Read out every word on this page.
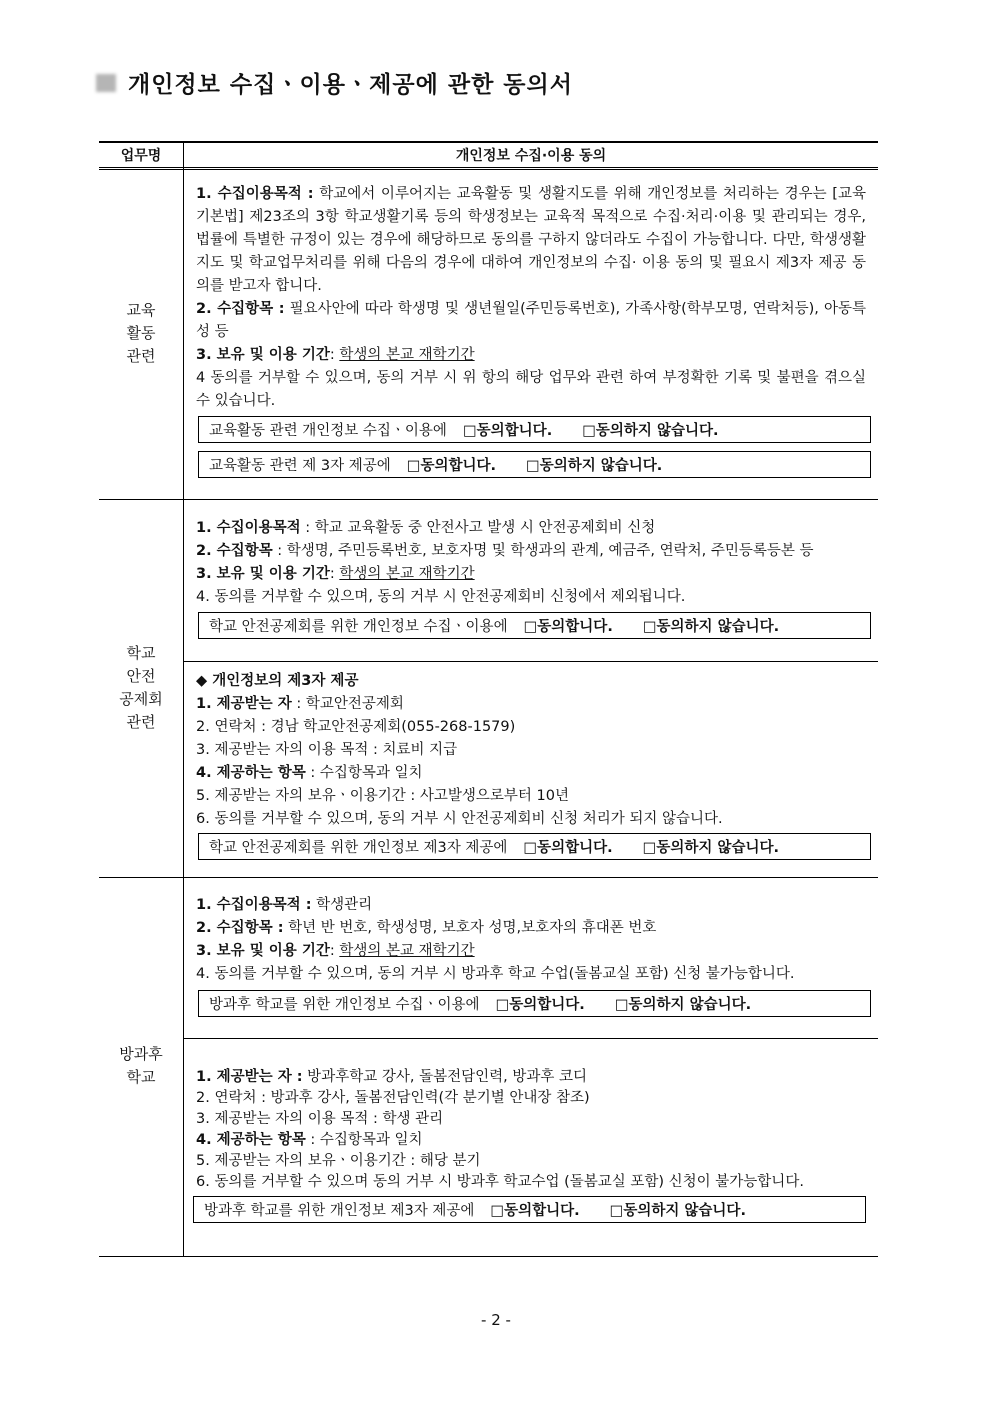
개인정보 수집ㆍ이용ㆍ제공에 관한 동의서
업무명	개인정보 수집·이용 동의
교육
활동
관련

1. 수집이용목적 : 학교에서 이루어지는 교육활동 및 생활지도를 위해 개인정보를 처리하는 경우는 [교육기본법] 제23조의 3항 학교생활기록 등의 학생정보는 교육적 목적으로 수집·처리·이용 및 관리되는 경우, 법률에 특별한 규정이 있는 경우에 해당하므로 동의를 구하지 않더라도 수집이 가능합니다. 다만, 학생생활지도 및 학교업무처리를 위해 다음의 경우에 대하여 개인정보의 수집· 이용 동의 및 필요시 제3자 제공 동의를 받고자 합니다.

2. 수집항목 : 필요사안에 따라 학생명 및 생년월일(주민등록번호), 가족사항(학부모명, 연락처등), 아동특성 등

3. 보유 및 이용 기간: 학생의 본교 재학기간

4 동의를 거부할 수 있으며, 동의 거부 시 위 항의 해당 업무와 관련 하여 부정확한 기록 및 불편을 겪으실 수 있습니다.

교육활동 관련 개인정보 수집ㆍ이용에 □동의합니다. □동의하지 않습니다.
교육활동 관련 제 3자 제공에 □동의합니다. □동의하지 않습니다.
학교
안전
공제회
관련

1. 수집이용목적 : 학교 교육활동 중 안전사고 발생 시 안전공제회비 신청

2. 수집항목 : 학생명, 주민등록번호, 보호자명 및 학생과의 관계, 예금주, 연락처, 주민등록등본 등

3. 보유 및 이용 기간: 학생의 본교 재학기간

4. 동의를 거부할 수 있으며, 동의 거부 시 안전공제회비 신청에서 제외됩니다.

학교 안전공제회를 위한 개인정보 수집ㆍ이용에 □동의합니다. □동의하지 않습니다.

◆ 개인정보의 제3자 제공

1. 제공받는 자 : 학교안전공제회

2. 연락처 : 경남 학교안전공제회(055-268-1579)

3. 제공받는 자의 이용 목적 : 치료비 지급

4. 제공하는 항목 : 수집항목과 일치

5. 제공받는 자의 보유ㆍ이용기간 : 사고발생으로부터 10년

6. 동의를 거부할 수 있으며, 동의 거부 시 안전공제회비 신청 처리가 되지 않습니다.

학교 안전공제회를 위한 개인정보 제3자 제공에 □동의합니다. □동의하지 않습니다.
방과후
학교

1. 수집이용목적 : 학생관리

2. 수집항목 : 학년 반 번호, 학생성명, 보호자 성명,보호자의 휴대폰 번호

3. 보유 및 이용 기간: 학생의 본교 재학기간

4. 동의를 거부할 수 있으며, 동의 거부 시 방과후 학교 수업(돌봄교실 포함) 신청 불가능합니다.

방과후 학교를 위한 개인정보 수집ㆍ이용에 □동의합니다. □동의하지 않습니다.

1. 제공받는 자 : 방과후학교 강사, 돌봄전담인력, 방과후 코디

2. 연락처 : 방과후 강사, 돌봄전담인력(각 분기별 안내장 참조)

3. 제공받는 자의 이용 목적 : 학생 관리

4. 제공하는 항목 : 수집항목과 일치

5. 제공받는 자의 보유ㆍ이용기간 : 해당 분기

6. 동의를 거부할 수 있으며 동의 거부 시 방과후 학교수업 (돌봄교실 포함) 신청이 불가능합니다.

방과후 학교를 위한 개인정보 제3자 제공에 □동의합니다. □동의하지 않습니다.
- 2 -
